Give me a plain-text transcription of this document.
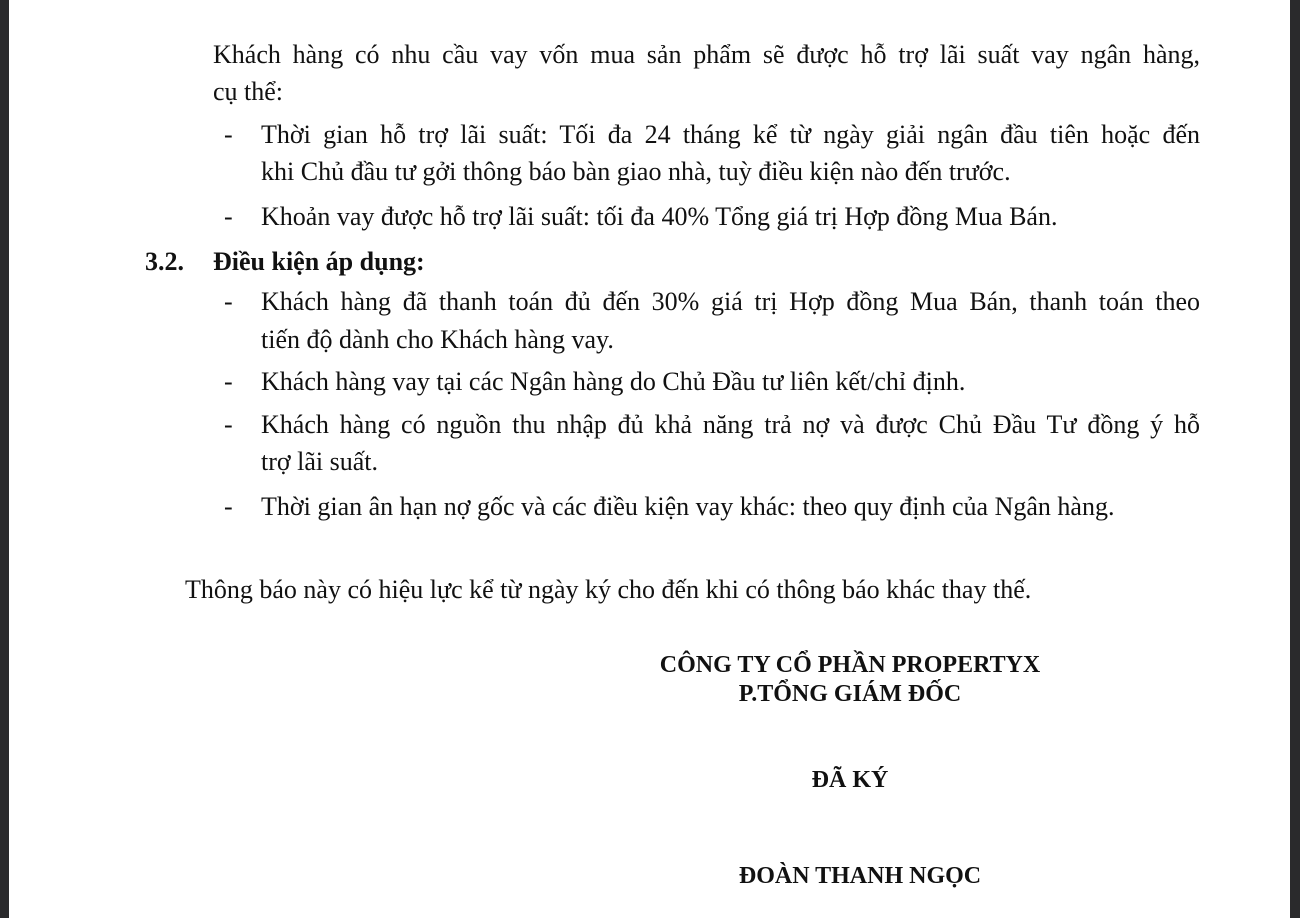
Khách hàng có nhu cầu vay vốn mua sản phẩm sẽ được hỗ trợ lãi suất vay ngân hàng,
cụ thể:
- Thời gian hỗ trợ lãi suất: Tối đa 24 tháng kể từ ngày giải ngân đầu tiên hoặc đến
khi Chủ đầu tư gởi thông báo bàn giao nhà, tuỳ điều kiện nào đến trước.
- Khoản vay được hỗ trợ lãi suất: tối đa 40% Tổng giá trị Hợp đồng Mua Bán.
3.2. Điều kiện áp dụng:
- Khách hàng đã thanh toán đủ đến 30% giá trị Hợp đồng Mua Bán, thanh toán theo
tiến độ dành cho Khách hàng vay.
- Khách hàng vay tại các Ngân hàng do Chủ Đầu tư liên kết/chỉ định.
- Khách hàng có nguồn thu nhập đủ khả năng trả nợ và được Chủ Đầu Tư đồng ý hỗ
trợ lãi suất.
- Thời gian ân hạn nợ gốc và các điều kiện vay khác: theo quy định của Ngân hàng.
Thông báo này có hiệu lực kể từ ngày ký cho đến khi có thông báo khác thay thế.
CÔNG TY CỔ PHẦN PROPERTYX
P.TỔNG GIÁM ĐỐC
ĐÃ KÝ
ĐOÀN THANH NGỌC
